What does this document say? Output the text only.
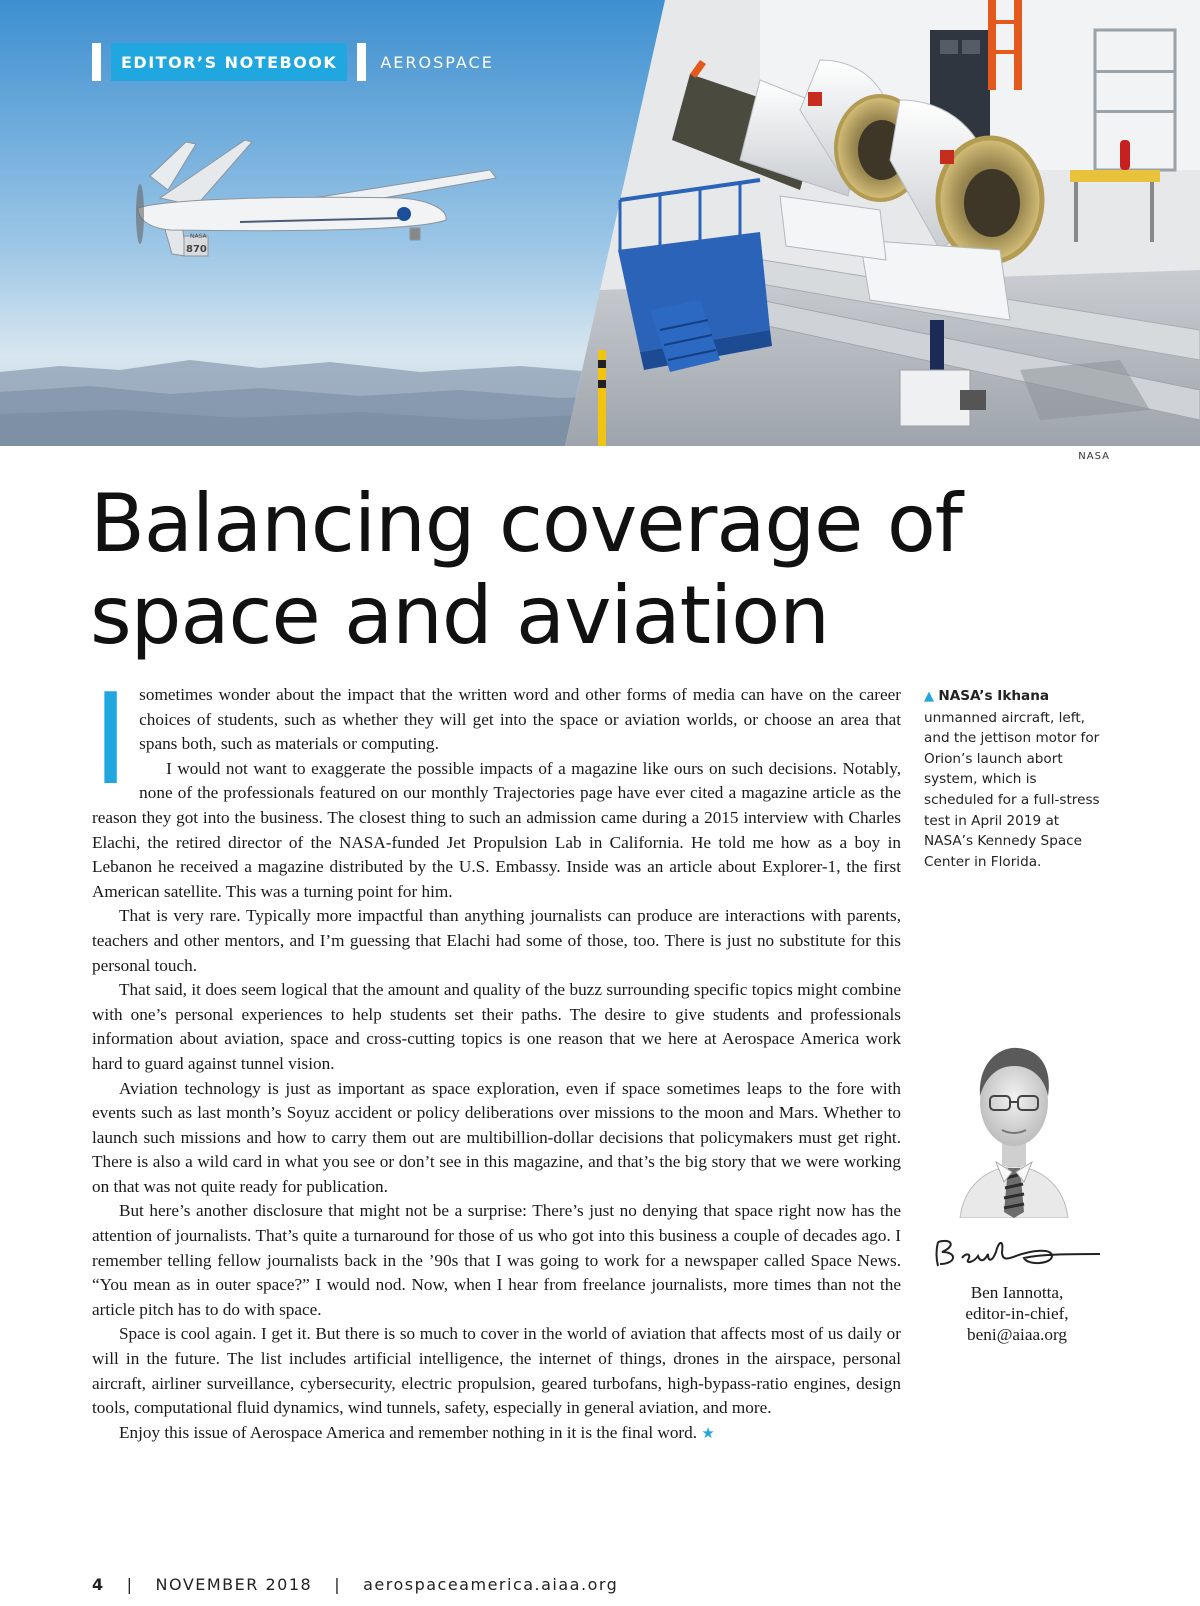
870
NASA
EDITOR’S NOTEBOOK	AEROSPACE
NASA
Balancing coverage of
space and aviation

Isometimes wonder about the impact that the written word and other forms of media can have on the career choices of students, such as whether they will get into the space or aviation worlds, or choose an area that spans both, such as materials or computing.

I would not want to exaggerate the possible impacts of a magazine like ours on such decisions. Notably, none of the professionals featured on our monthly Trajectories page have ever cited a magazine article as the reason they got into the business. The closest thing to such an admission came during a 2015 interview with Charles Elachi, the retired director of the NASA-funded Jet Propulsion Lab in California. He told me how as a boy in Lebanon he received a magazine distributed by the U.S. Embassy. Inside was an article about Explorer-1, the first American satellite. This was a turning point for him.

That is very rare. Typically more impactful than anything journalists can produce are interactions with parents, teachers and other mentors, and I’m guessing that Elachi had some of those, too. There is just no substitute for this personal touch.

That said, it does seem logical that the amount and quality of the buzz surrounding specific topics might combine with one’s personal experiences to help students set their paths. The desire to give students and professionals information about aviation, space and cross-cutting topics is one reason that we here at Aerospace America work hard to guard against tunnel vision.

Aviation technology is just as important as space exploration, even if space sometimes leaps to the fore with events such as last month’s Soyuz accident or policy deliberations over missions to the moon and Mars. Whether to launch such missions and how to carry them out are multibillion-dollar decisions that policymakers must get right. There is also a wild card in what you see or don’t see in this magazine, and that’s the big story that we were working on that was not quite ready for publication.

But here’s another disclosure that might not be a surprise: There’s just no denying that space right now has the attention of journalists. That’s quite a turnaround for those of us who got into this business a couple of decades ago. I remember telling fellow journalists back in the ’90s that I was going to work for a newspaper called Space News. “You mean as in outer space?” I would nod. Now, when I hear from freelance journalists, more times than not the article pitch has to do with space.

Space is cool again. I get it. But there is so much to cover in the world of aviation that affects most of us daily or will in the future. The list includes artificial intelligence, the internet of things, drones in the airspace, personal aircraft, airliner surveillance, cybersecurity, electric propulsion, geared turbofans, high-bypass-ratio engines, design tools, computational fluid dynamics, wind tunnels, safety, especially in general aviation, and more.

Enjoy this issue of Aerospace America and remember nothing in it is the final word. ★

▲ NASA’s Ikhana unmanned aircraft, left, and the jettison motor for Orion’s launch abort system, which is scheduled for a full-stress test in April 2019 at NASA’s Kennedy Space Center in Florida.
Ben Iannotta,
editor-in-chief,
beni@aiaa.org
4 | NOVEMBER 2018 | aerospaceamerica.aiaa.org
